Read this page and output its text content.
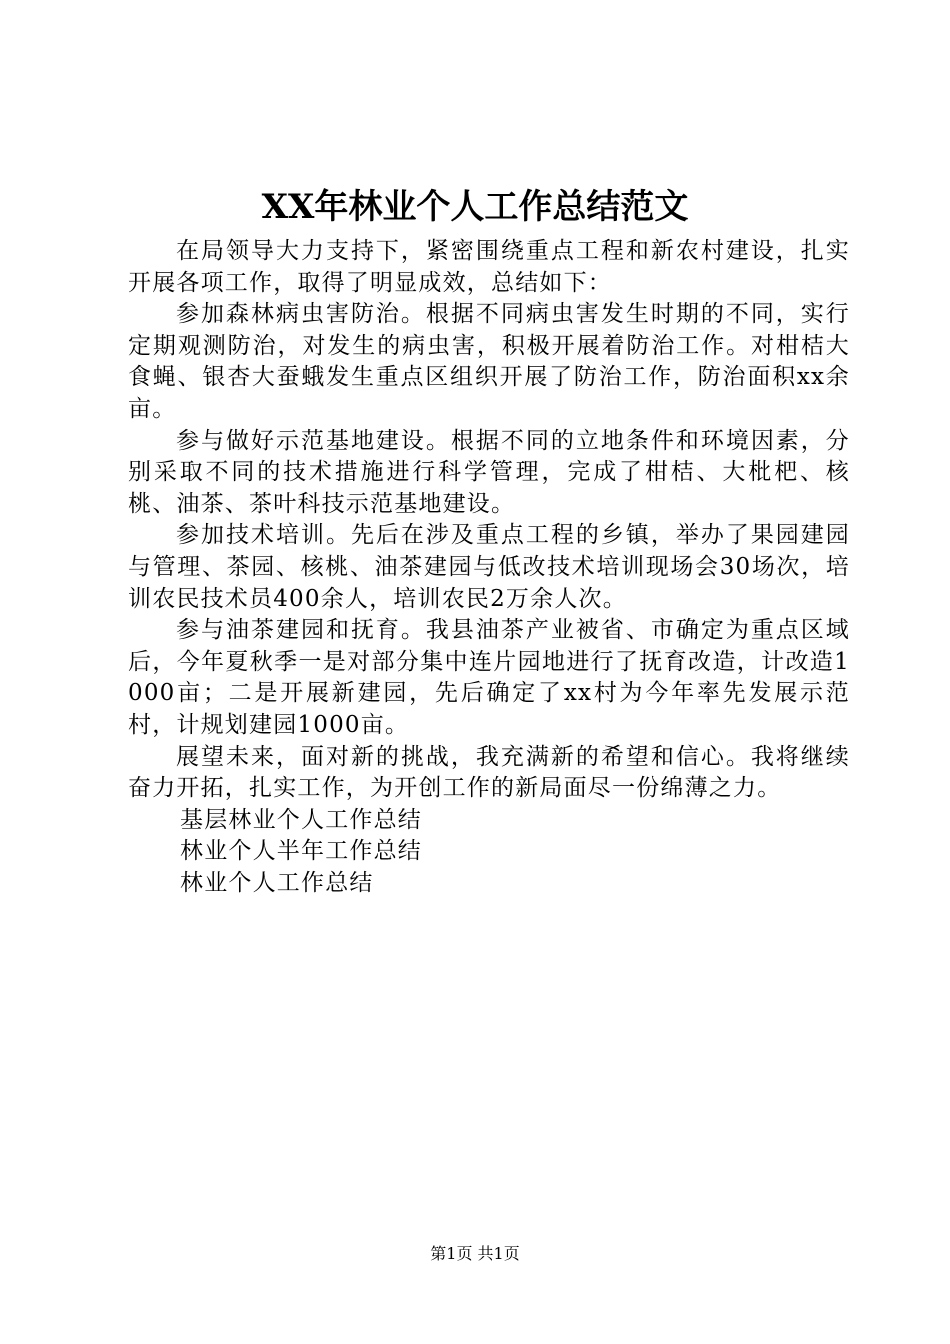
XX年林业个人工作总结范文

在局领导大力支持下，紧密围绕重点工程和新农村建设，扎实开展各项工作，取得了明显成效，总结如下：

参加森林病虫害防治。根据不同病虫害发生时期的不同，实行定期观测防治，对发生的病虫害，积极开展着防治工作。对柑桔大食蝇、银杏大蚕蛾发生重点区组织开展了防治工作，防治面积xx余亩。

参与做好示范基地建设。根据不同的立地条件和环境因素，分别采取不同的技术措施进行科学管理，完成了柑桔、大枇杷、核桃、油茶、茶叶科技示范基地建设。

参加技术培训。先后在涉及重点工程的乡镇，举办了果园建园与管理、茶园、核桃、油茶建园与低改技术培训现场会30场次，培训农民技术员400余人，培训农民2万余人次。

参与油茶建园和抚育。我县油茶产业被省、市确定为重点区域后，今年夏秋季一是对部分集中连片园地进行了抚育改造，计改造1000亩；二是开展新建园，先后确定了xx村为今年率先发展示范村，计规划建园1000亩。

展望未来，面对新的挑战，我充满新的希望和信心。我将继续奋力开拓，扎实工作，为开创工作的新局面尽一份绵薄之力。

基层林业个人工作总结

林业个人半年工作总结

林业个人工作总结

第1页 共1页
